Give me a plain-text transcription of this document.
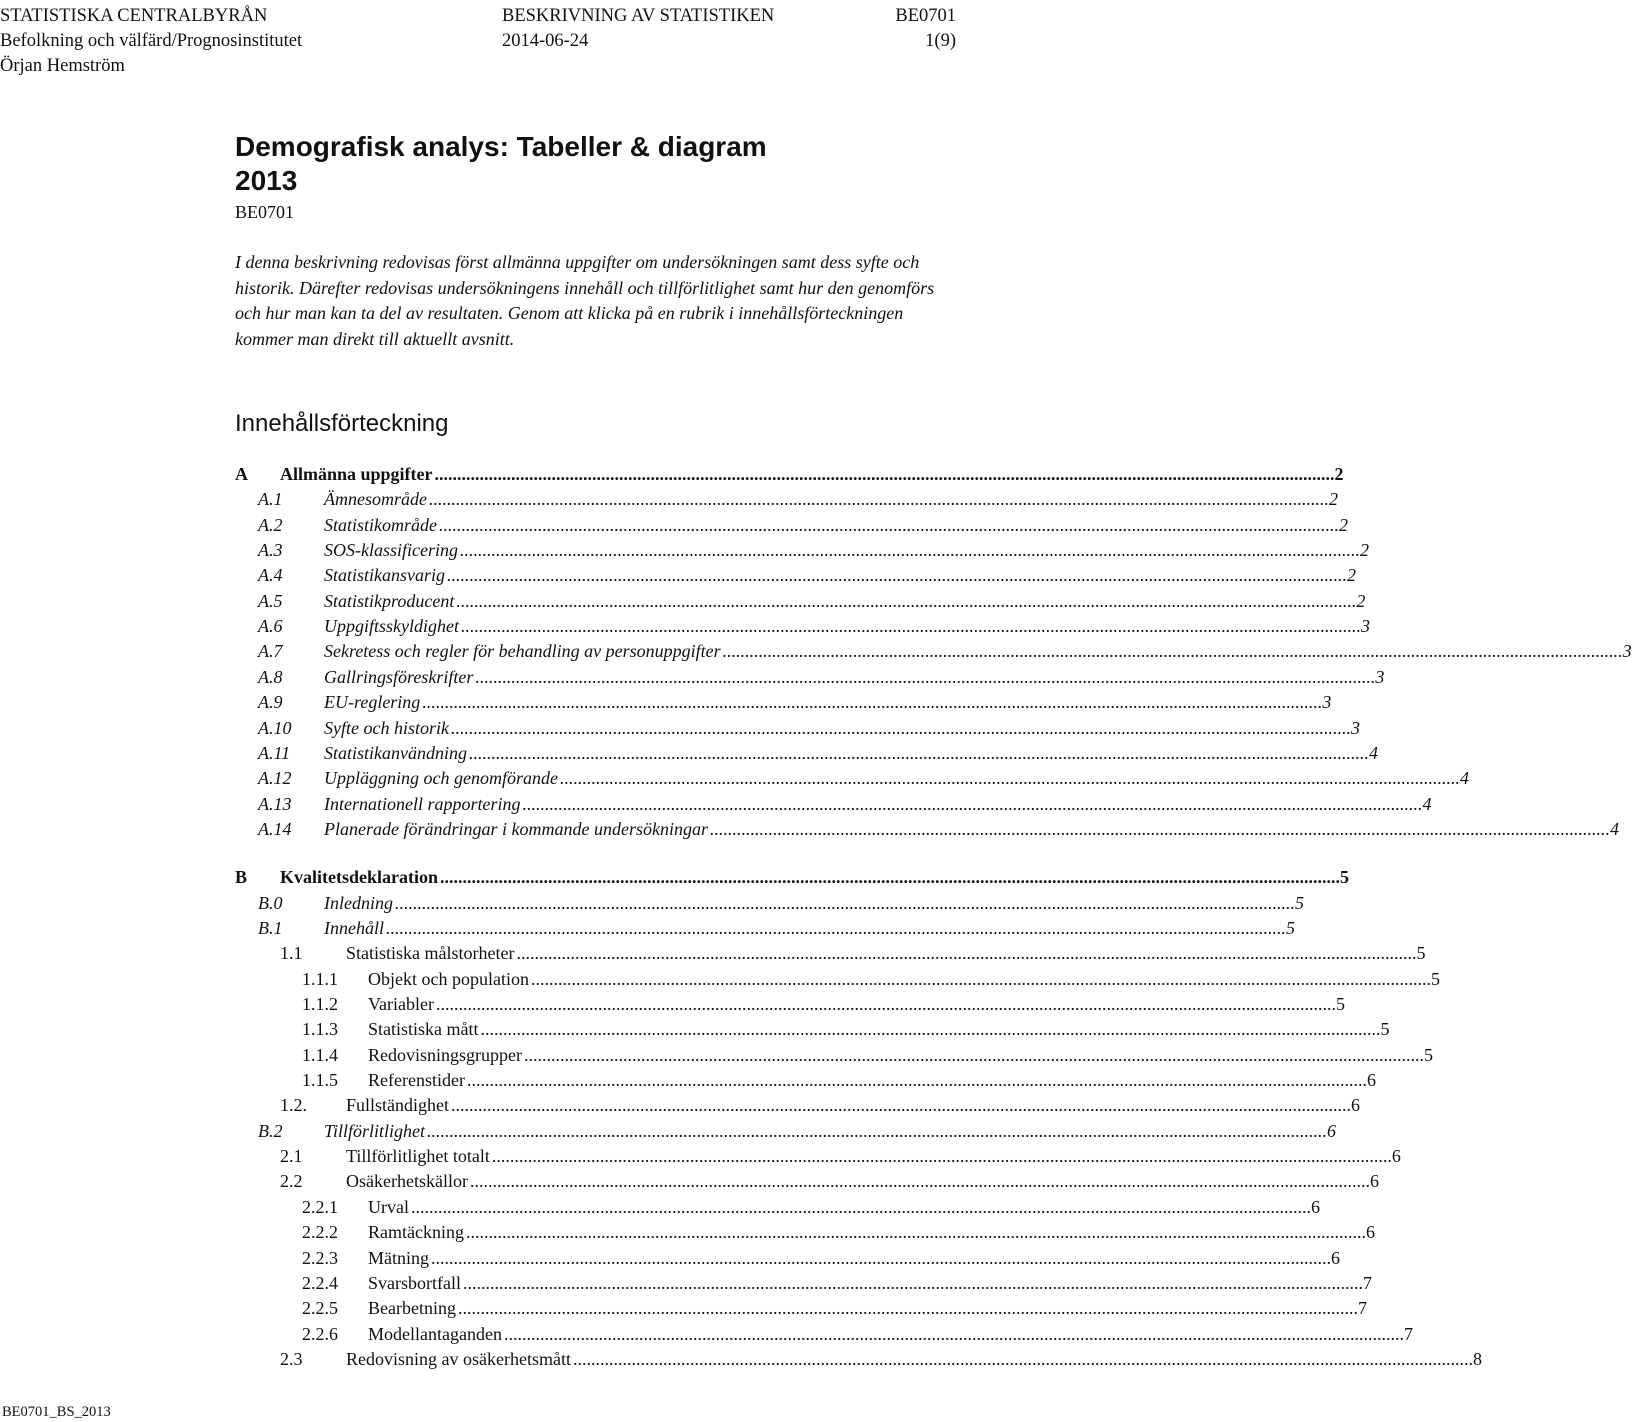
STATISTISKA CENTRALBYRÅN	BESKRIVNING AV STATISTIKEN	BE0701
Befolkning och välfärd/Prognosinstitutet	2014-06-24	1(9)
Örjan Hemström
Demografisk analys: Tabeller & diagram
2013
BE0701

I denna beskrivning redovisas först allmänna uppgifter om undersökningen samt dess syfte och historik. Därefter redovisas undersökningens innehåll och tillförlitlighet samt hur den genomförs och hur man kan ta del av resultaten. Genom att klicka på en rubrik i innehållsförteckningen kommer man direkt till aktuellt avsnitt.

Innehållsförteckning
A Allmänna uppgifter ........................................................................................................................................................................................................ 2
A.1 Ämnesområde ........................................................................................................................................................................................................ 2
A.2 Statistikområde ........................................................................................................................................................................................................ 2
A.3 SOS-klassificering ........................................................................................................................................................................................................ 2
A.4 Statistikansvarig ........................................................................................................................................................................................................ 2
A.5 Statistikproducent ........................................................................................................................................................................................................ 2
A.6 Uppgiftsskyldighet ........................................................................................................................................................................................................ 3
A.7 Sekretess och regler för behandling av personuppgifter ........................................................................................................................................................................................................ 3
A.8 Gallringsföreskrifter ........................................................................................................................................................................................................ 3
A.9 EU-reglering ........................................................................................................................................................................................................ 3
A.10 Syfte och historik ........................................................................................................................................................................................................ 3
A.11 Statistikanvändning ........................................................................................................................................................................................................ 4
A.12 Uppläggning och genomförande ........................................................................................................................................................................................................ 4
A.13 Internationell rapportering ........................................................................................................................................................................................................ 4
A.14 Planerade förändringar i kommande undersökningar ........................................................................................................................................................................................................ 4
B Kvalitetsdeklaration ........................................................................................................................................................................................................ 5
B.0 Inledning ........................................................................................................................................................................................................ 5
B.1 Innehåll ........................................................................................................................................................................................................ 5
1.1 Statistiska målstorheter ........................................................................................................................................................................................................ 5
1.1.1 Objekt och population ........................................................................................................................................................................................................ 5
1.1.2 Variabler ........................................................................................................................................................................................................ 5
1.1.3 Statistiska mått ........................................................................................................................................................................................................ 5
1.1.4 Redovisningsgrupper ........................................................................................................................................................................................................ 5
1.1.5 Referenstider ........................................................................................................................................................................................................ 6
1.2. Fullständighet ........................................................................................................................................................................................................ 6
B.2 Tillförlitlighet ........................................................................................................................................................................................................ 6
2.1 Tillförlitlighet totalt ........................................................................................................................................................................................................ 6
2.2 Osäkerhetskällor ........................................................................................................................................................................................................ 6
2.2.1 Urval ........................................................................................................................................................................................................ 6
2.2.2 Ramtäckning ........................................................................................................................................................................................................ 6
2.2.3 Mätning ........................................................................................................................................................................................................ 6
2.2.4 Svarsbortfall ........................................................................................................................................................................................................ 7
2.2.5 Bearbetning ........................................................................................................................................................................................................ 7
2.2.6 Modellantaganden ........................................................................................................................................................................................................ 7
2.3 Redovisning av osäkerhetsmått ........................................................................................................................................................................................................ 8
BE0701_BS_2013
